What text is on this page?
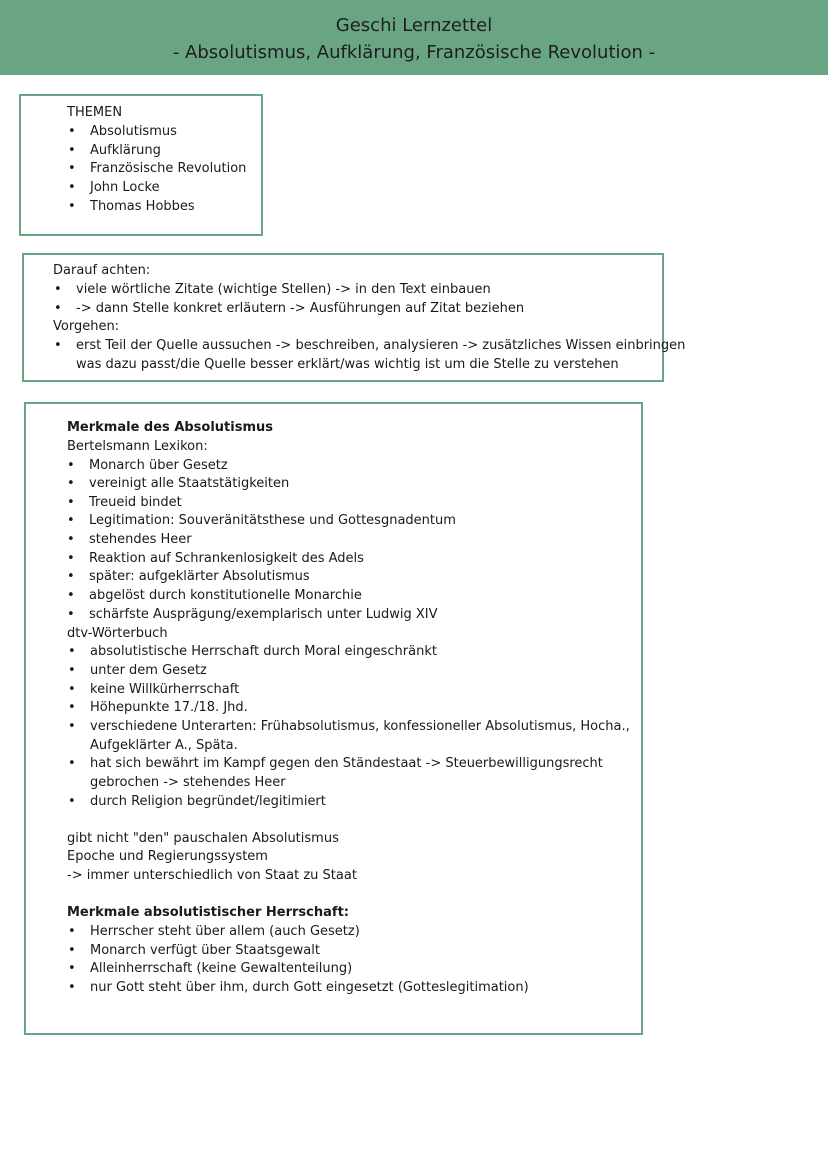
Geschi Lernzettel
- Absolutismus, Aufklärung, Französische Revolution -
THEMEN
• Absolutismus
• Aufklärung
• Französische Revolution
• John Locke
• Thomas Hobbes
Darauf achten:
• viele wörtliche Zitate (wichtige Stellen) -> in den Text einbauen
• -> dann Stelle konkret erläutern -> Ausführungen auf Zitat beziehen
Vorgehen:
• erst Teil der Quelle aussuchen -> beschreiben, analysieren -> zusätzliches Wissen einbringen
was dazu passt/die Quelle besser erklärt/was wichtig ist um die Stelle zu verstehen
Merkmale des Absolutismus
Bertelsmann Lexikon:
• Monarch über Gesetz
• vereinigt alle Staatstätigkeiten
• Treueid bindet
• Legitimation: Souveränitätsthese und Gottesgnadentum
• stehendes Heer
• Reaktion auf Schrankenlosigkeit des Adels
• später: aufgeklärter Absolutismus
• abgelöst durch konstitutionelle Monarchie
• schärfste Ausprägung/exemplarisch unter Ludwig XIV
dtv-Wörterbuch
• absolutistische Herrschaft durch Moral eingeschränkt
• unter dem Gesetz
• keine Willkürherrschaft
• Höhepunkte 17./18. Jhd.
• verschiedene Unterarten: Frühabsolutismus, konfessioneller Absolutismus, Hocha.,
Aufgeklärter A., Späta.
• hat sich bewährt im Kampf gegen den Ständestaat -> Steuerbewilligungsrecht
gebrochen -> stehendes Heer
• durch Religion begründet/legitimiert
gibt nicht "den" pauschalen Absolutismus
Epoche und Regierungssystem
-> immer unterschiedlich von Staat zu Staat
Merkmale absolutistischer Herrschaft:
• Herrscher steht über allem (auch Gesetz)
• Monarch verfügt über Staatsgewalt
• Alleinherrschaft (keine Gewaltenteilung)
• nur Gott steht über ihm, durch Gott eingesetzt (Gotteslegitimation)
